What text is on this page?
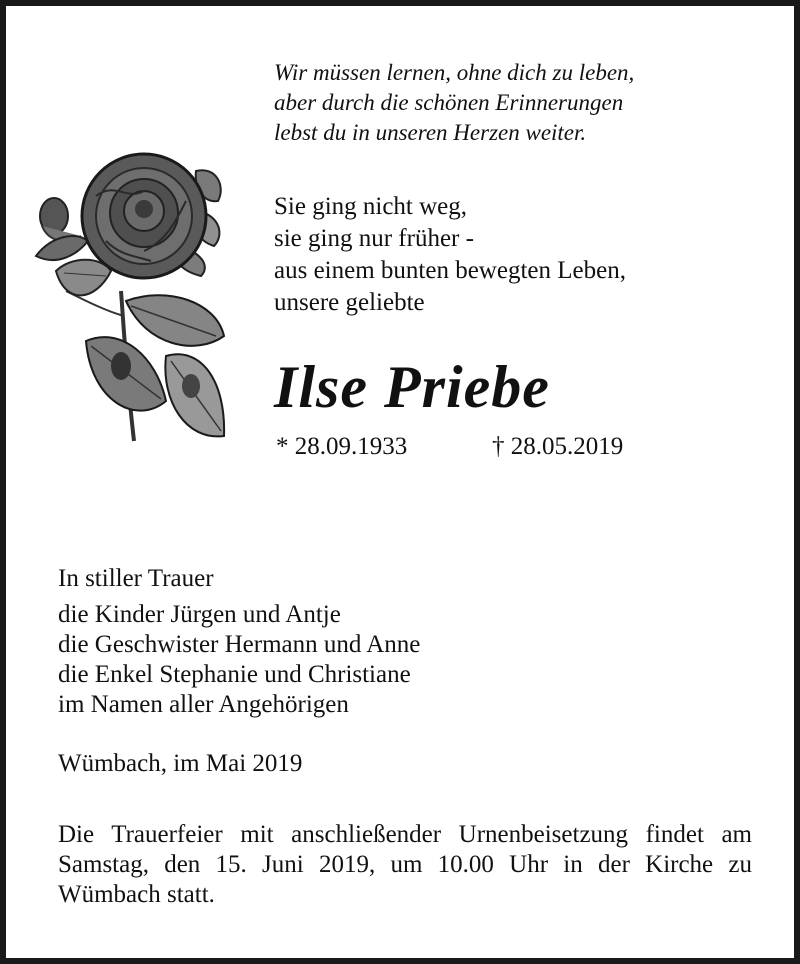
Wir müssen lernen, ohne dich zu leben,
aber durch die schönen Erinnerungen
lebst du in unseren Herzen weiter.
Sie ging nicht weg,
sie ging nur früher -
aus einem bunten bewegten Leben,
unsere geliebte
Ilse Priebe
* 28.09.1933	† 28.05.2019
In stiller Trauer
die Kinder Jürgen und Antje
die Geschwister Hermann und Anne
die Enkel Stephanie und Christiane
im Namen aller Angehörigen
Wümbach, im Mai 2019
Die Trauerfeier mit anschließender Urnenbeisetzung findet am Samstag, den 15. Juni 2019, um 10.00 Uhr in der Kirche zu Wümbach statt.
